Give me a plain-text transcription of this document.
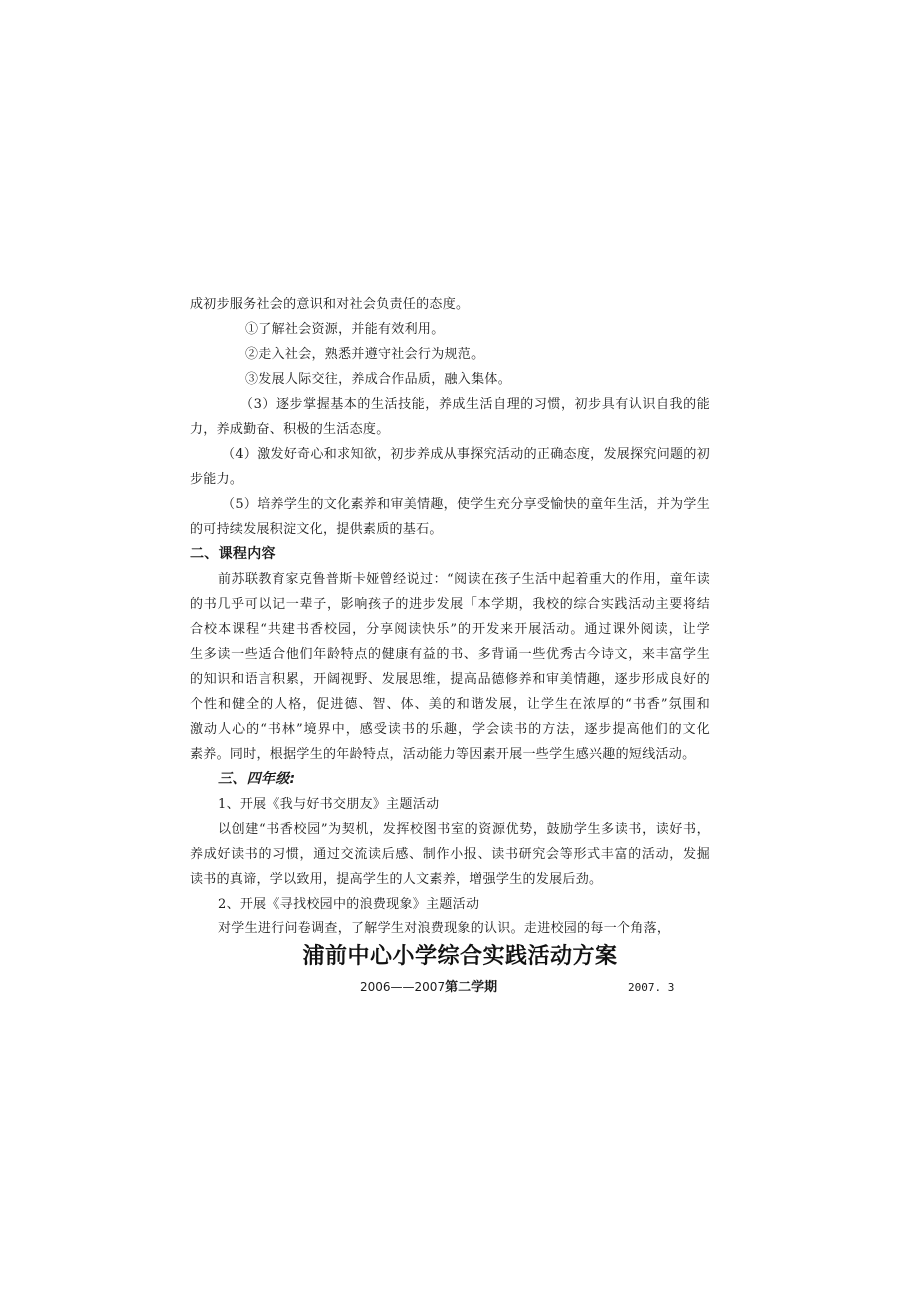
成初步服务社会的意识和对社会负责任的态度。
①了解社会资源，并能有效利用。
②走入社会，熟悉并遵守社会行为规范。
③发展人际交往，养成合作品质，融入集体。
（3）逐步掌握基本的生活技能，养成生活自理的习惯，初步具有认识自我的能
力，养成勤奋、积极的生活态度。
（4）激发好奇心和求知欲，初步养成从事探究活动的正确态度，发展探究问题的初
步能力。
（5）培养学生的文化素养和审美情趣，使学生充分享受愉快的童年生活，并为学生
的可持续发展积淀文化，提供素质的基石。
二、课程内容
前苏联教育家克鲁普斯卡娅曾经说过：“阅读在孩子生活中起着重大的作用，童年读
的书几乎可以记一辈子，影响孩子的进步发展「本学期，我校的综合实践活动主要将结
合校本课程“共建书香校园，分享阅读快乐”的开发来开展活动。通过课外阅读，让学
生多读一些适合他们年龄特点的健康有益的书、多背诵一些优秀古今诗文，来丰富学生
的知识和语言积累，开阔视野、发展思维，提高品德修养和审美情趣，逐步形成良好的
个性和健全的人格，促进德、智、体、美的和谐发展，让学生在浓厚的“书香”氛围和
激动人心的“书林”境界中，感受读书的乐趣，学会读书的方法，逐步提高他们的文化
素养。同时，根据学生的年龄特点，活动能力等因素开展一些学生感兴趣的短线活动。
三、四年级:
1、开展《我与好书交朋友》主题活动
以创建“书香校园”为契机，发挥校图书室的资源优势，鼓励学生多读书，读好书，
养成好读书的习惯，通过交流读后感、制作小报、读书研究会等形式丰富的活动，发掘
读书的真谛，学以致用，提高学生的人文素养，增强学生的发展后劲。
2、开展《寻找校园中的浪费现象》主题活动
对学生进行问卷调查，了解学生对浪费现象的认识。走进校园的每一个角落，
浦前中心小学综合实践活动方案
2006——2007第二学期	2007. 3
